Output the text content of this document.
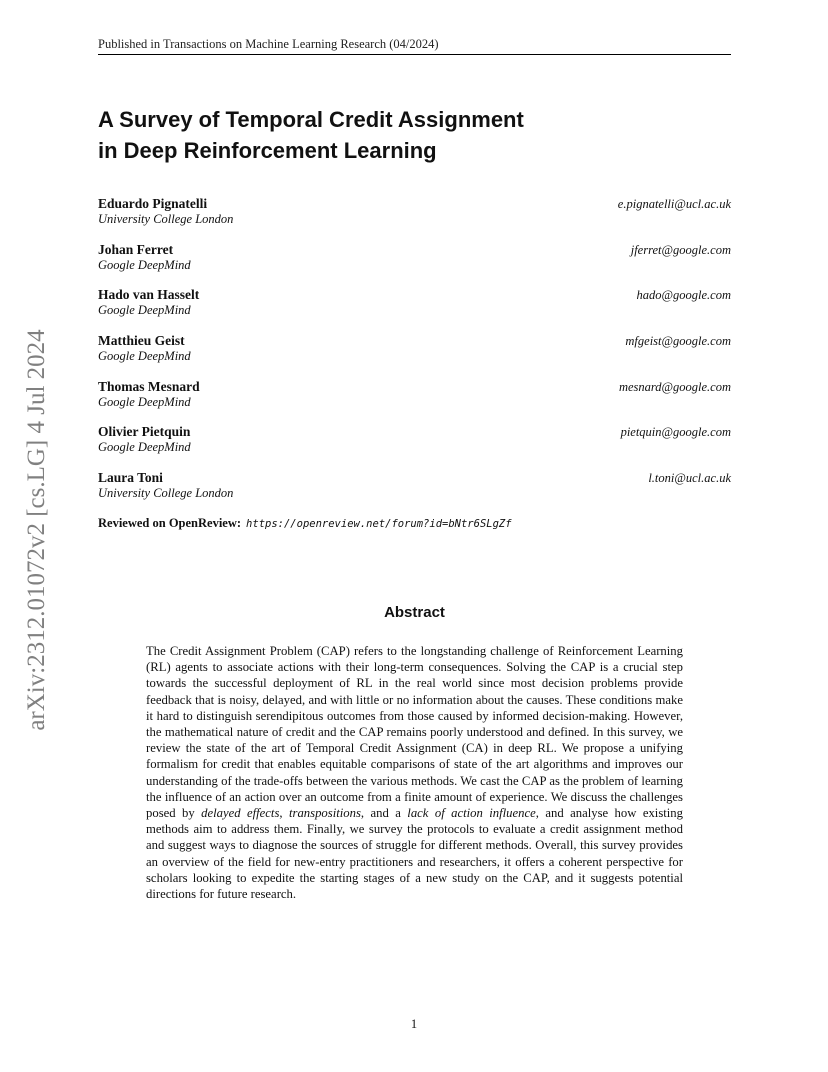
Published in Transactions on Machine Learning Research (04/2024)
A Survey of Temporal Credit Assignment
in Deep Reinforcement Learning
Eduardo Pignatelli
University College London
e.pignatelli@ucl.ac.uk
Johan Ferret
Google DeepMind
jferret@google.com
Hado van Hasselt
Google DeepMind
hado@google.com
Matthieu Geist
Google DeepMind
mfgeist@google.com
Thomas Mesnard
Google DeepMind
mesnard@google.com
Olivier Pietquin
Google DeepMind
pietquin@google.com
Laura Toni
University College London
l.toni@ucl.ac.uk
Reviewed on OpenReview: https://openreview.net/forum?id=bNtr6SLgZf
Abstract

The Credit Assignment Problem (CAP) refers to the longstanding challenge of Reinforcement Learning (RL) agents to associate actions with their long-term consequences. Solving the CAP is a crucial step towards the successful deployment of RL in the real world since most decision problems provide feedback that is noisy, delayed, and with little or no information about the causes. These conditions make it hard to distinguish serendipitous outcomes from those caused by informed decision-making. However, the mathematical nature of credit and the CAP remains poorly understood and defined. In this survey, we review the state of the art of Temporal Credit Assignment (CA) in deep RL. We propose a unifying formalism for credit that enables equitable comparisons of state of the art algorithms and improves our understanding of the trade-offs between the various methods. We cast the CAP as the problem of learning the influence of an action over an outcome from a finite amount of experience. We discuss the challenges posed by delayed effects, transpositions, and a lack of action influence, and analyse how existing methods aim to address them. Finally, we survey the protocols to evaluate a credit assignment method and suggest ways to diagnose the sources of struggle for different methods. Overall, this survey provides an overview of the field for new-entry practitioners and researchers, it offers a coherent perspective for scholars looking to expedite the starting stages of a new study on the CAP, and it suggests potential directions for future research.

arXiv:2312.01072v2 [cs.LG] 4 Jul 2024
1
